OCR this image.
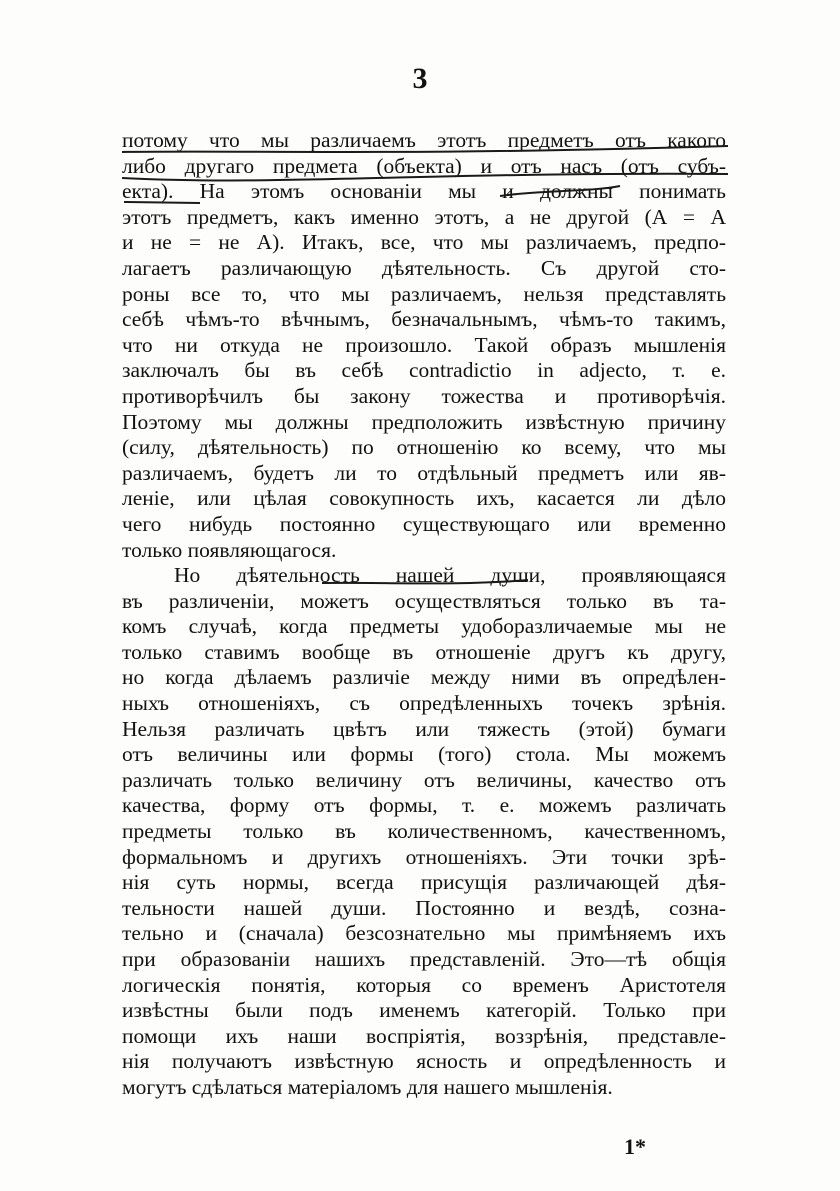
3
потому что мы различаемъ этотъ предметъ отъ какого
либо другаго предмета (объекта) и отъ насъ (отъ субъ-
екта). На этомъ основаніи мы и должны понимать
этотъ предметъ, какъ именно этотъ, а не другой (А = А
и не = не А). Итакъ, все, что мы различаемъ, предпо-
лагаетъ различающую дѣятельность. Съ другой сто-
роны все то, что мы различаемъ, нельзя представлять
себѣ чѣмъ-то вѣчнымъ, безначальнымъ, чѣмъ-то такимъ,
что ни откуда не произошло. Такой образъ мышленія
заключалъ бы въ себѣ contradictio in adjecto, т. е.
противорѣчилъ бы закону тожества и противорѣчія.
Поэтому мы должны предположить извѣстную причину
(силу, дѣятельность) по отношенію ко всему, что мы
различаемъ, будетъ ли то отдѣльный предметъ или яв-
леніе, или цѣлая совокупность ихъ, касается ли дѣло
чего нибудь постоянно существующаго или временно
только появляющагося.
Но дѣятельность нашей души, проявляющаяся
въ различеніи, можетъ осуществляться только въ та-
комъ случаѣ, когда предметы удоборазличаемые мы не
только ставимъ вообще въ отношеніе другъ къ другу,
но когда дѣлаемъ различіе между ними въ опредѣлен-
ныхъ отношеніяхъ, съ опредѣленныхъ точекъ зрѣнія.
Нельзя различать цвѣтъ или тяжесть (этой) бумаги
отъ величины или формы (того) стола. Мы можемъ
различать только величину отъ величины, качество отъ
качества, форму отъ формы, т. е. можемъ различать
предметы только въ количественномъ, качественномъ,
формальномъ и другихъ отношеніяхъ. Эти точки зрѣ-
нія суть нормы, всегда присущія различающей дѣя-
тельности нашей души. Постоянно и вездѣ, созна-
тельно и (сначала) безсознательно мы примѣняемъ ихъ
при образованіи нашихъ представленій. Это—тѣ общія
логическія понятія, которыя со временъ Аристотеля
извѣстны были подъ именемъ категорій. Только при
помощи ихъ наши воспріятія, воззрѣнія, представле-
нія получаютъ извѣстную ясность и опредѣленность и
могутъ сдѣлаться матеріаломъ для нашего мышленія.
1*
